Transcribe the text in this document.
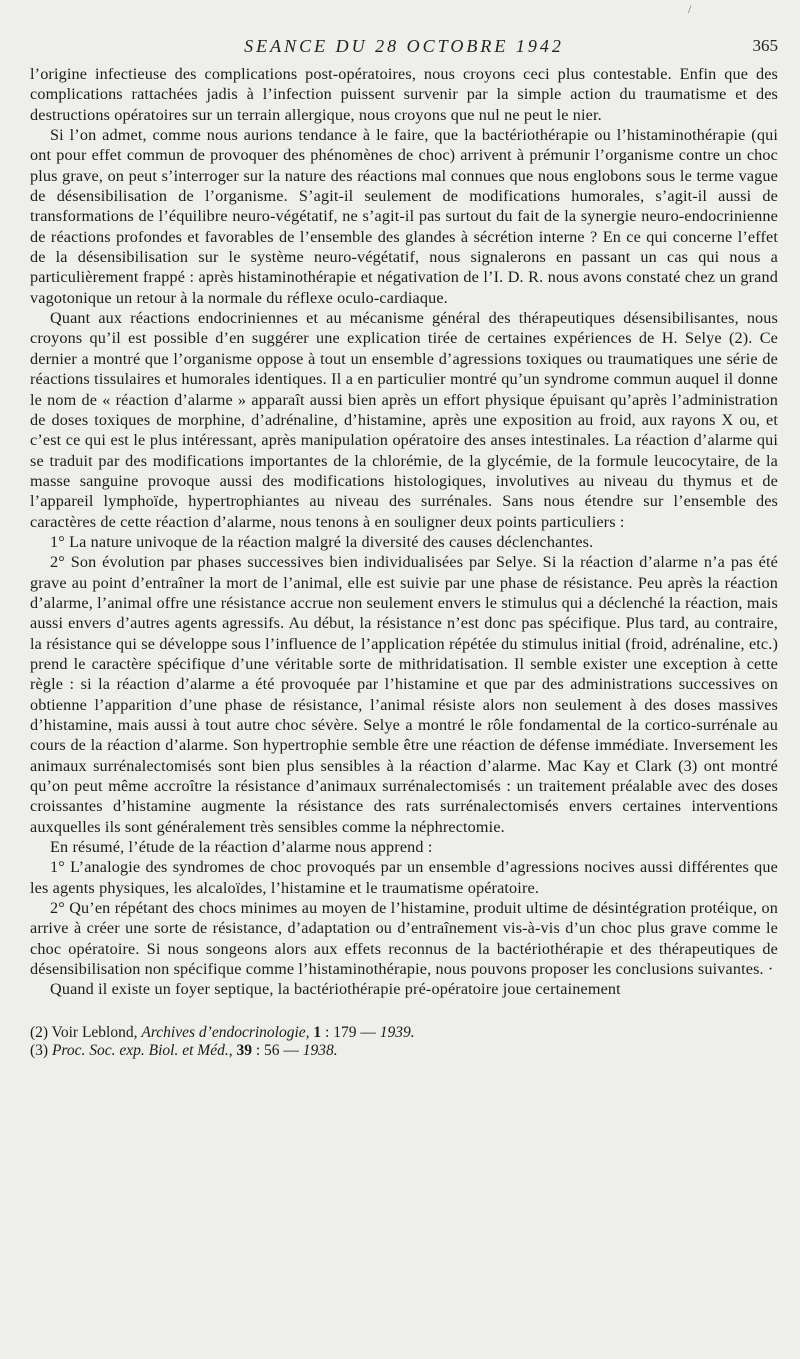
/
SEANCE DU 28 OCTOBRE 1942	365

l’origine infectieuse des complications post-opératoires, nous croyons ceci plus contestable. Enfin que des complications rattachées jadis à l’infection puissent survenir par la simple action du traumatisme et des destructions opératoires sur un terrain allergique, nous croyons que nul ne peut le nier.

Si l’on admet, comme nous aurions tendance à le faire, que la bactériothérapie ou l’histaminothérapie (qui ont pour effet commun de provoquer des phénomènes de choc) arrivent à prémunir l’organisme contre un choc plus grave, on peut s’interroger sur la nature des réactions mal connues que nous englobons sous le terme vague de désensibilisation de l’organisme. S’agit-il seulement de modifications humorales, s’agit-il aussi de transformations de l’équilibre neuro-végétatif, ne s’agit-il pas surtout du fait de la synergie neuro-endocrinienne de réactions profondes et favorables de l’ensemble des glandes à sécrétion interne ? En ce qui concerne l’effet de la désensibilisation sur le système neuro-végétatif, nous signalerons en passant un cas qui nous a particulièrement frappé : après histaminothérapie et négativation de l’I. D. R. nous avons constaté chez un grand vagotonique un retour à la normale du réflexe oculo-cardiaque.

Quant aux réactions endocriniennes et au mécanisme général des thérapeutiques désensibilisantes, nous croyons qu’il est possible d’en suggérer une explication tirée de certaines expériences de H. Selye (2). Ce dernier a montré que l’organisme oppose à tout un ensemble d’agressions toxiques ou traumatiques une série de réactions tissulaires et humorales identiques. Il a en particulier montré qu’un syndrome commun auquel il donne le nom de « réaction d’alarme » apparaît aussi bien après un effort physique épuisant qu’après l’administration de doses toxiques de morphine, d’adrénaline, d’histamine, après une exposition au froid, aux rayons X ou, et c’est ce qui est le plus intéressant, après manipulation opératoire des anses intestinales. La réaction d’alarme qui se traduit par des modifications importantes de la chlorémie, de la glycémie, de la formule leucocytaire, de la masse sanguine provoque aussi des modifications histologiques, involutives au niveau du thymus et de l’appareil lymphoïde, hypertrophiantes au niveau des surrénales. Sans nous étendre sur l’ensemble des caractères de cette réaction d’alarme, nous tenons à en souligner deux points particuliers :

1° La nature univoque de la réaction malgré la diversité des causes déclenchantes.

2° Son évolution par phases successives bien individualisées par Selye. Si la réaction d’alarme n’a pas été grave au point d’entraîner la mort de l’animal, elle est suivie par une phase de résistance. Peu après la réaction d’alarme, l’animal offre une résistance accrue non seulement envers le stimulus qui a déclenché la réaction, mais aussi envers d’autres agents agressifs. Au début, la résistance n’est donc pas spécifique. Plus tard, au contraire, la résistance qui se développe sous l’influence de l’application répétée du stimulus initial (froid, adrénaline, etc.) prend le caractère spécifique d’une véritable sorte de mithridatisation. Il semble exister une exception à cette règle : si la réaction d’alarme a été provoquée par l’histamine et que par des administrations successives on obtienne l’apparition d’une phase de résistance, l’animal résiste alors non seulement à des doses massives d’histamine, mais aussi à tout autre choc sévère. Selye a montré le rôle fondamental de la cortico-surrénale au cours de la réaction d’alarme. Son hypertrophie semble être une réaction de défense immédiate. Inversement les animaux surrénalectomisés sont bien plus sensibles à la réaction d’alarme. Mac Kay et Clark (3) ont montré qu’on peut même accroître la résistance d’animaux surrénalectomisés : un traitement préalable avec des doses croissantes d’histamine augmente la résistance des rats surrénalectomisés envers certaines interventions auxquelles ils sont généralement très sensibles comme la néphrectomie.

En résumé, l’étude de la réaction d’alarme nous apprend :

1° L’analogie des syndromes de choc provoqués par un ensemble d’agressions nocives aussi différentes que les agents physiques, les alcaloïdes, l’histamine et le traumatisme opératoire.

2° Qu’en répétant des chocs minimes au moyen de l’histamine, produit ultime de désintégration protéique, on arrive à créer une sorte de résistance, d’adaptation ou d’entraînement vis-à-vis d’un choc plus grave comme le choc opératoire. Si nous songeons alors aux effets reconnus de la bactériothérapie et des thérapeutiques de désensibilisation non spécifique comme l’histaminothérapie, nous pouvons proposer les conclusions suivantes. ·

Quand il existe un foyer septique, la bactériothérapie pré-opératoire joue certainement

(2) Voir Leblond, Archives d’endocrinologie, 1 : 179 — 1939.

(3) Proc. Soc. exp. Biol. et Méd., 39 : 56 — 1938.
